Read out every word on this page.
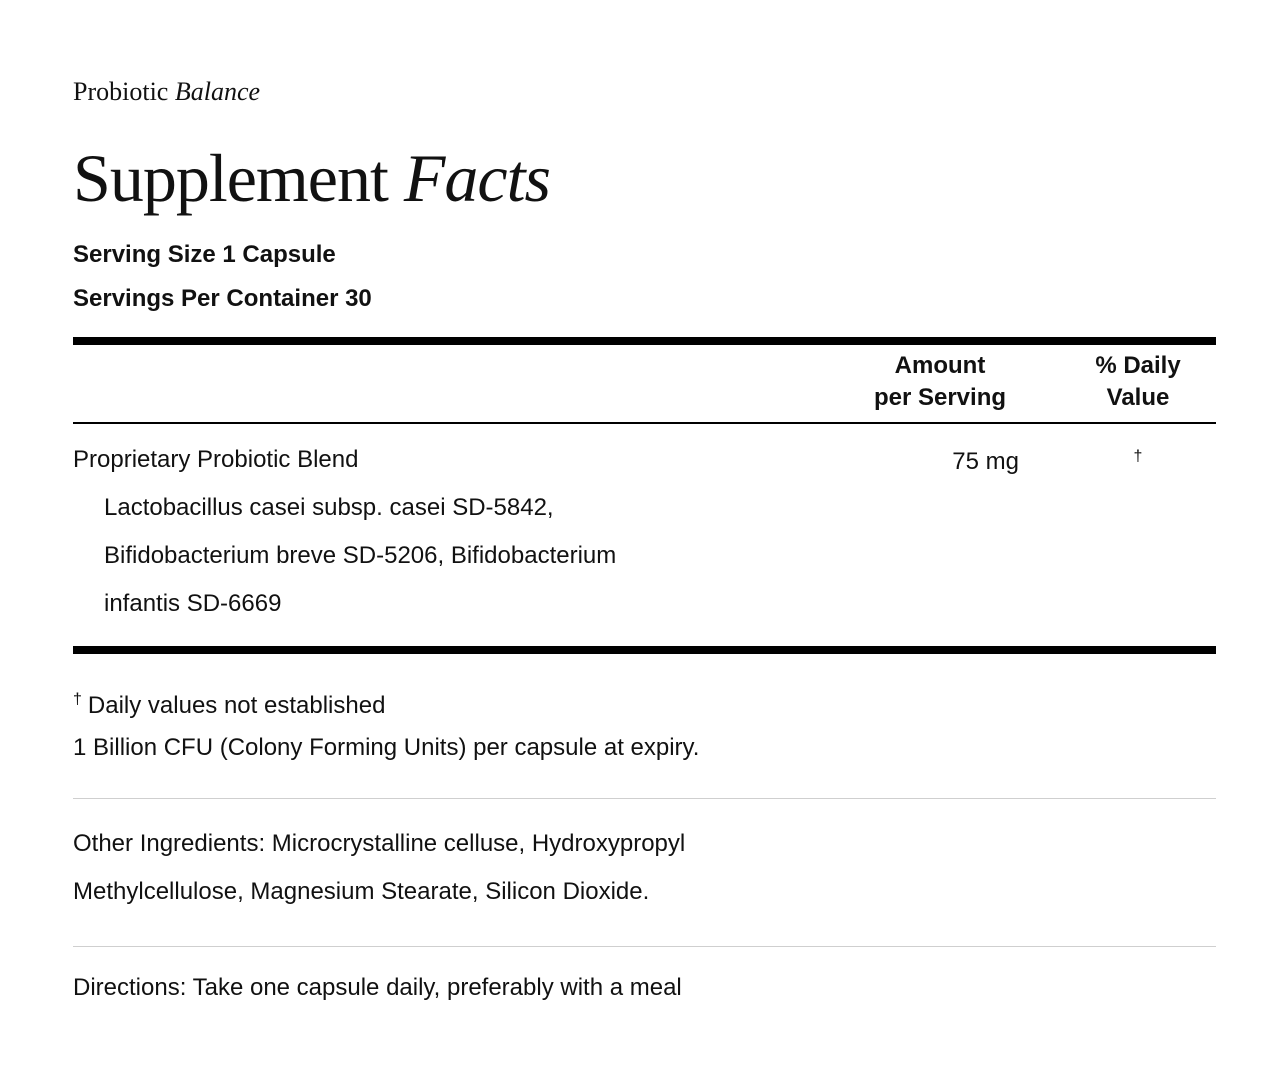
Probiotic Balance
Supplement Facts
Serving Size 1 Capsule
Servings Per Container 30
Amount
per Serving
% Daily
Value
Proprietary Probiotic Blend	75 mg	†
Lactobacillus casei subsp. casei SD-5842,
Bifidobacterium breve SD-5206, Bifidobacterium
infantis SD-6669
† Daily values not established
1 Billion CFU (Colony Forming Units) per capsule at expiry.
Other Ingredients: Microcrystalline celluse, Hydroxypropyl
Methylcellulose, Magnesium Stearate, Silicon Dioxide.
Directions: Take one capsule daily, preferably with a meal
